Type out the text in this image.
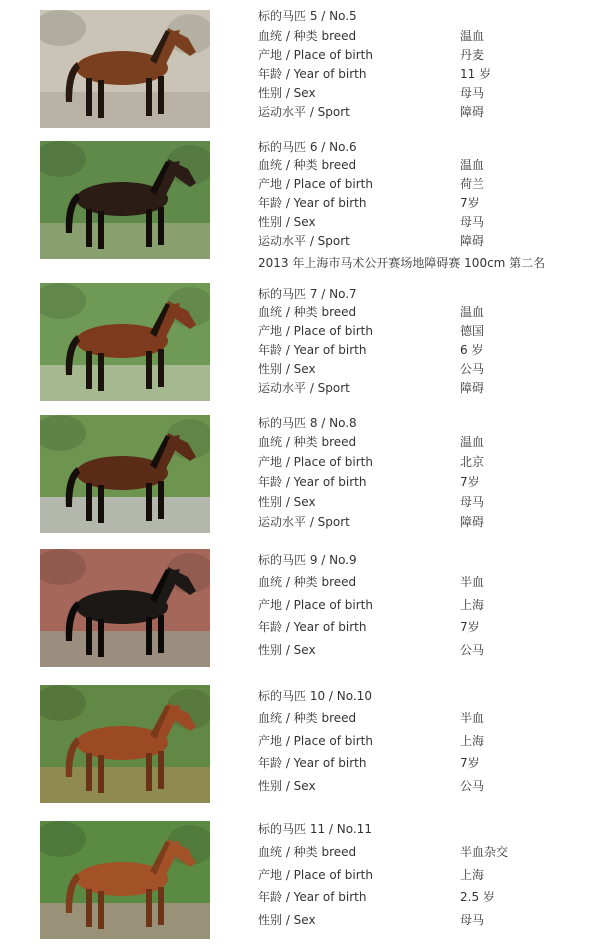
标的马匹 5 / No.5
血统 / 种类 breed	温血
产地 / Place of birth	丹麦
年龄 / Year of birth	11 岁
性别 / Sex	母马
运动水平 / Sport	障碍
标的马匹 6 / No.6
血统 / 种类 breed	温血
产地 / Place of birth	荷兰
年龄 / Year of birth	7岁
性别 / Sex	母马
运动水平 / Sport	障碍
2013 年上海市马术公开赛场地障碍赛 100cm 第二名
标的马匹 7 / No.7
血统 / 种类 breed	温血
产地 / Place of birth	德国
年龄 / Year of birth	6 岁
性别 / Sex	公马
运动水平 / Sport	障碍
标的马匹 8 / No.8
血统 / 种类 breed	温血
产地 / Place of birth	北京
年龄 / Year of birth	7岁
性别 / Sex	母马
运动水平 / Sport	障碍
标的马匹 9 / No.9
血统 / 种类 breed	半血
产地 / Place of birth	上海
年龄 / Year of birth	7岁
性别 / Sex	公马
标的马匹 10 / No.10
血统 / 种类 breed	半血
产地 / Place of birth	上海
年龄 / Year of birth	7岁
性别 / Sex	公马
标的马匹 11 / No.11
血统 / 种类 breed	半血杂交
产地 / Place of birth	上海
年龄 / Year of birth	2.5 岁
性别 / Sex	母马
